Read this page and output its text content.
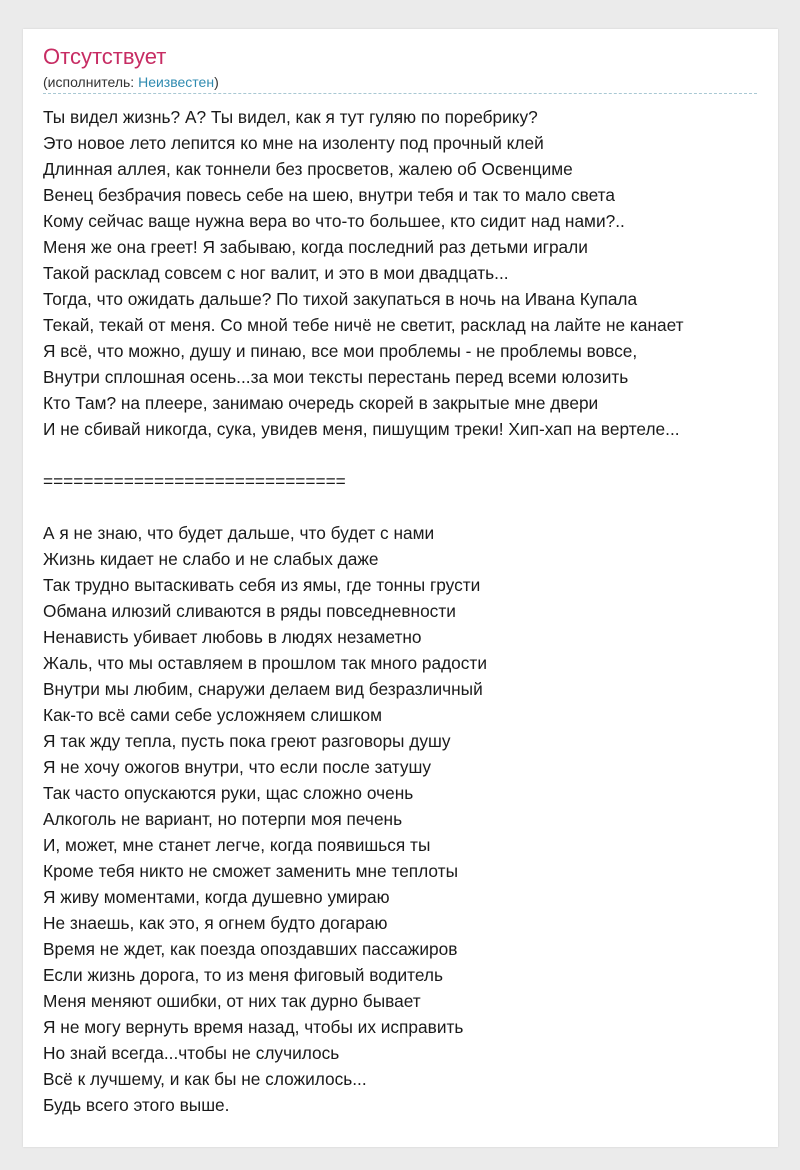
Отсутствует
(исполнитель: Неизвестен)
Ты видел жизнь? А? Ты видел, как я тут гуляю по поребрику?
Это новое лето лепится ко мне на изоленту под прочный клей
Длинная аллея, как тоннели без просветов, жалею об Освенциме
Венец безбрачия повесь себе на шею, внутри тебя и так то мало света
Кому сейчас ваще нужна вера во что-то большее, кто сидит над нами?..
Меня же она греет! Я забываю, когда последний раз детьми играли
Такой расклад совсем с ног валит, и это в мои двадцать...
Тогда, что ожидать дальше? По тихой закупаться в ночь на Ивана Купала
Текай, текай от меня. Со мной тебе ничё не светит, расклад на лайте не канает
Я всё, что можно, душу и пинаю, все мои проблемы - не проблемы вовсе,
Внутри сплошная осень...за мои тексты перестань перед всеми юлозить
Кто Там? на плеере, занимаю очередь скорей в закрытые мне двери
И не сбивай никогда, сука, увидев меня, пишущим треки! Хип-хап на вертеле...
==============================
А я не знаю, что будет дальше, что будет с нами
Жизнь кидает не слабо и не слабых даже
Так трудно вытаскивать себя из ямы, где тонны грусти
Обмана илюзий сливаются в ряды повседневности
Ненависть убивает любовь в людях незаметно
Жаль, что мы оставляем в прошлом так много радости
Внутри мы любим, снаружи делаем вид безразличный
Как-то всё сами себе усложняем слишком
Я так жду тепла, пусть пока греют разговоры душу
Я не хочу ожогов внутри, что если после затушу
Так часто опускаются руки, щас сложно очень
Алкоголь не вариант, но потерпи моя печень
И, может, мне станет легче, когда появишься ты
Кроме тебя никто не сможет заменить мне теплоты
Я живу моментами, когда душевно умираю
Не знаешь, как это, я огнем будто догараю
Время не ждет, как поезда опоздавших пассажиров
Если жизнь дорога, то из меня фиговый водитель
Меня меняют ошибки, от них так дурно бывает
Я не могу вернуть время назад, чтобы их исправить
Но знай всегда...чтобы не случилось
Всё к лучшему, и как бы не сложилось...
Будь всего этого выше.
